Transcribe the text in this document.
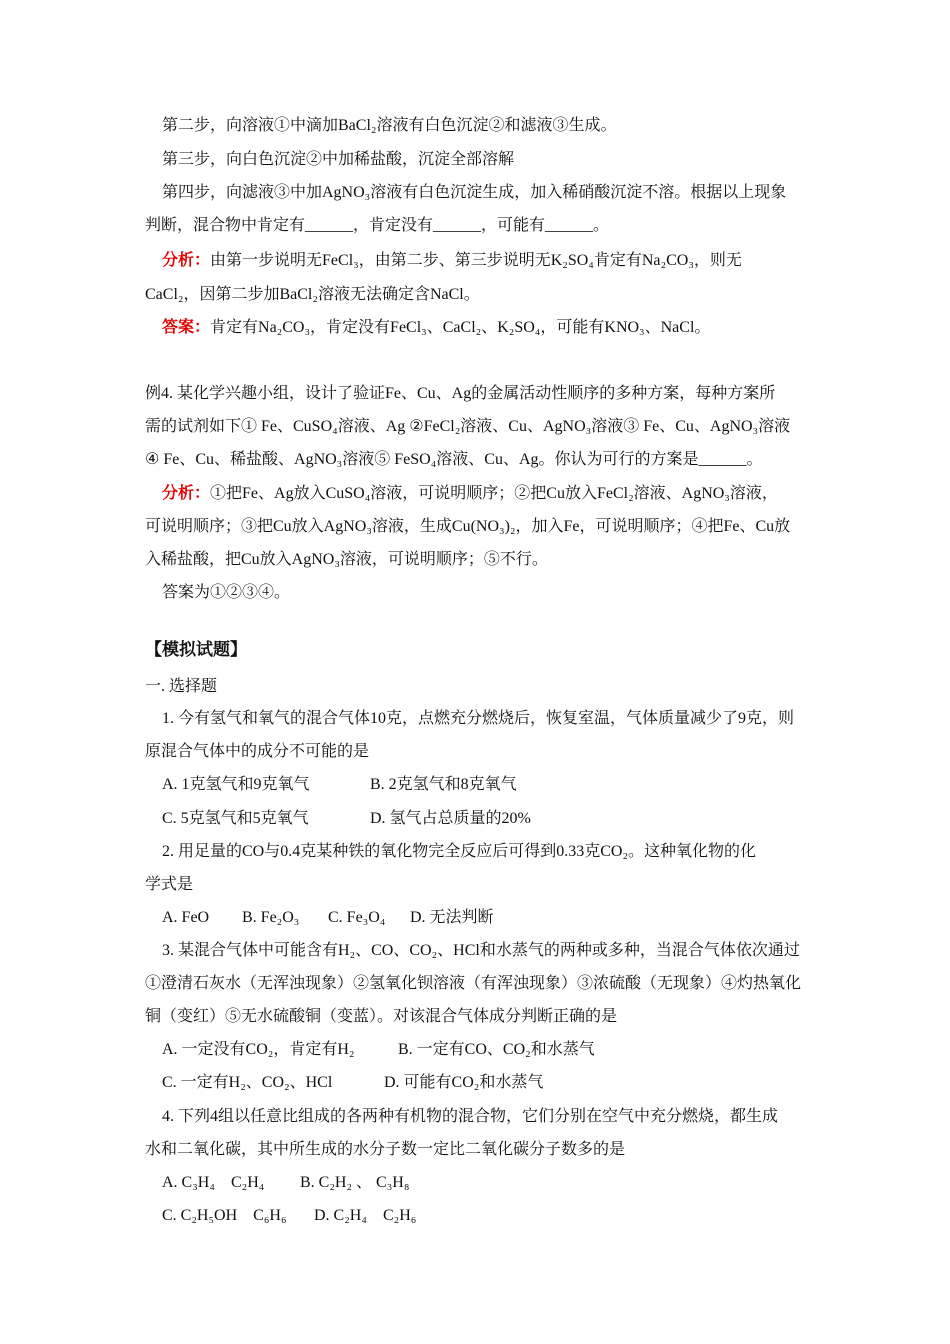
第二步，向溶液①中滴加BaCl₂溶液有白色沉淀②和滤液③生成。
第三步，向白色沉淀②中加稀盐酸，沉淀全部溶解
第四步，向滤液③中加AgNO₃溶液有白色沉淀生成，加入稀硝酸沉淀不溶。根据以上现象
判断，混合物中肯定有______，肯定没有______，可能有______。
分析：由第一步说明无FeCl₃，由第二步、第三步说明无K₂SO₄肯定有Na₂CO₃，则无
CaCl₂，因第二步加BaCl₂溶液无法确定含NaCl。
答案：肯定有Na₂CO₃，肯定没有FeCl₃、CaCl₂、K₂SO₄，可能有KNO₃、NaCl。
例4. 某化学兴趣小组，设计了验证Fe、Cu、Ag的金属活动性顺序的多种方案，每种方案所
需的试剂如下① Fe、CuSO₄溶液、Ag ②FeCl₂溶液、Cu、AgNO₃溶液③ Fe、Cu、AgNO₃溶液
④ Fe、Cu、稀盐酸、AgNO₃溶液⑤ FeSO₄溶液、Cu、Ag。你认为可行的方案是______。
分析：①把Fe、Ag放入CuSO₄溶液，可说明顺序；②把Cu放入FeCl₂溶液、AgNO₃溶液，
可说明顺序；③把Cu放入AgNO₃溶液，生成Cu(NO₃)₂，加入Fe，可说明顺序；④把Fe、Cu放
入稀盐酸，把Cu放入AgNO₃溶液，可说明顺序；⑤不行。
答案为①②③④。
【模拟试题】
一. 选择题
1. 今有氢气和氧气的混合气体10克，点燃充分燃烧后，恢复室温，气体质量减少了9克，则
原混合气体中的成分不可能的是
A. 1克氢气和9克氧气	B. 2克氢气和8克氧气
C. 5克氢气和5克氧气	D. 氢气占总质量的20%
2. 用足量的CO与0.4克某种铁的氧化物完全反应后可得到0.33克CO₂。这种氧化物的化
学式是
A. FeO B. Fe₂O₃ C. Fe₃O₄ D. 无法判断
3. 某混合气体中可能含有H₂、CO、CO₂、HCl和水蒸气的两种或多种，当混合气体依次通过
①澄清石灰水（无浑浊现象）②氢氧化钡溶液（有浑浊现象）③浓硫酸（无现象）④灼热氧化
铜（变红）⑤无水硫酸铜（变蓝）。对该混合气体成分判断正确的是
A. 一定没有CO₂，肯定有H₂	B. 一定有CO、CO₂和水蒸气
C. 一定有H₂、CO₂、HCl	D. 可能有CO₂和水蒸气
4. 下列4组以任意比组成的各两种有机物的混合物，它们分别在空气中充分燃烧，都生成
水和二氧化碳，其中所生成的水分子数一定比二氧化碳分子数多的是
A. C₃H₄　C₂H₄ B. C₂H₂ 、 C₃H₈
C. C₂H₅OH　C₆H₆ D. C₂H₄　C₂H₆
